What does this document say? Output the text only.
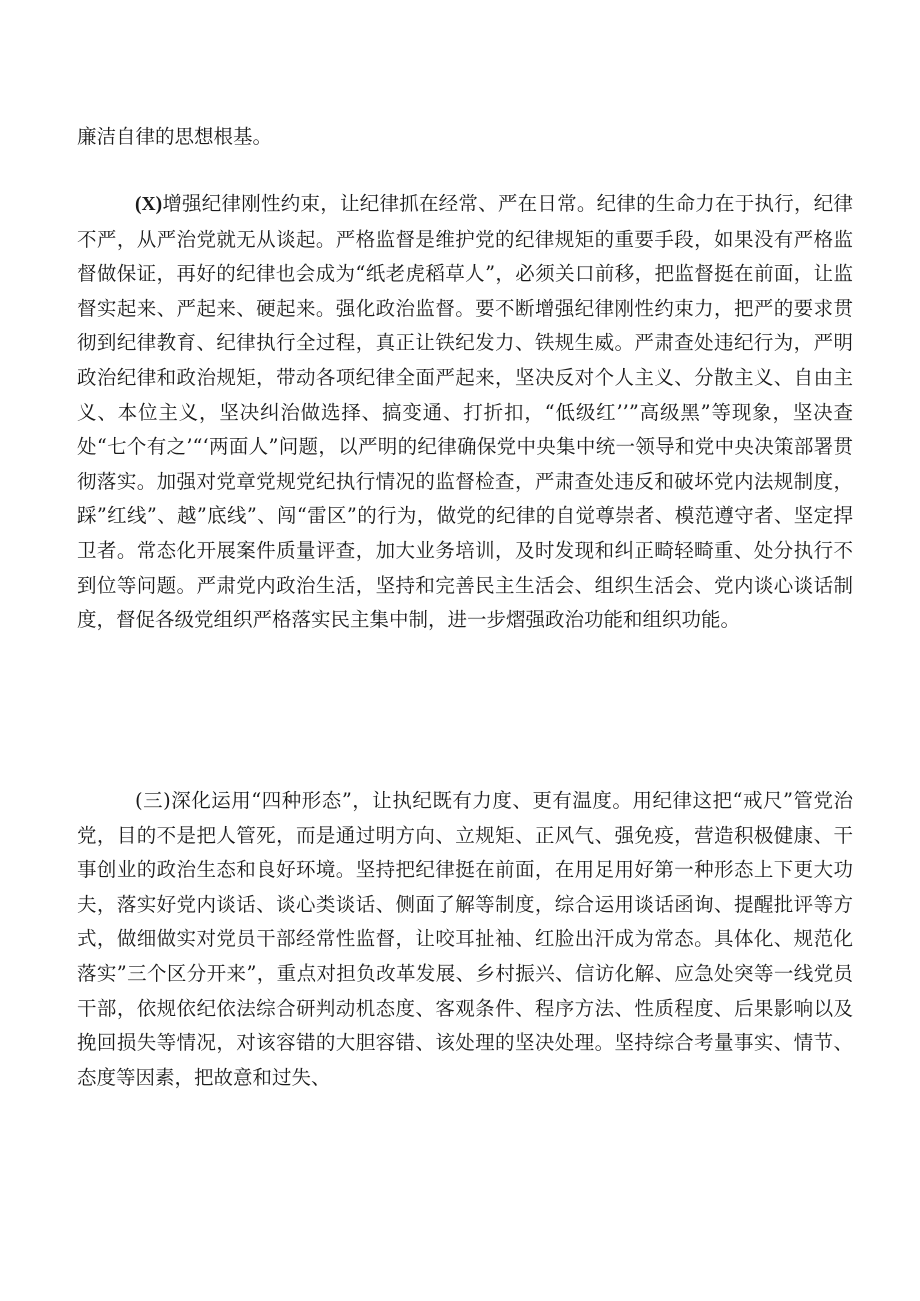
廉洁自律的思想根基。

(X)增强纪律刚性约束，让纪律抓在经常、严在日常。纪律的生命力在于执行，纪律不严，从严治党就无从谈起。严格监督是维护党的纪律规矩的重要手段，如果没有严格监督做保证，再好的纪律也会成为“纸老虎稻草人”，必须关口前移，把监督挺在前面，让监督实起来、严起来、硬起来。强化政治监督。要不断增强纪律刚性约束力，把严的要求贯彻到纪律教育、纪律执行全过程，真正让铁纪发力、铁规生威。严肃查处违纪行为，严明政治纪律和政治规矩，带动各项纪律全面严起来，坚决反对个人主义、分散主义、自由主义、本位主义，坚决纠治做选择、搞变通、打折扣，“低级红’’”高级黑”等现象，坚决查处“七个有之’“‘两面人”问题，以严明的纪律确保党中央集中统一领导和党中央决策部署贯彻落实。加强对党章党规党纪执行情况的监督检查，严肃查处违反和破坏党内法规制度，踩”红线”、越”底线”、闯“雷区”的行为，做党的纪律的自觉尊崇者、模范遵守者、坚定捍卫者。常态化开展案件质量评查，加大业务培训，及时发现和纠正畸轻畸重、处分执行不到位等问题。严肃党内政治生活，坚持和完善民主生活会、组织生活会、党内谈心谈话制度，督促各级党组织严格落实民主集中制，进一步熠强政治功能和组织功能。

(三)深化运用“四种形态”，让执纪既有力度、更有温度。用纪律这把“戒尺”管党治党，目的不是把人管死，而是通过明方向、立规矩、正风气、强免疫，营造积极健康、干事创业的政治生态和良好环境。坚持把纪律挺在前面，在用足用好第一种形态上下更大功夫，落实好党内谈话、谈心类谈话、侧面了解等制度，综合运用谈话函询、提醒批评等方式，做细做实对党员干部经常性监督，让咬耳扯袖、红脸出汗成为常态。具体化、规范化落实”三个区分开来”，重点对担负改革发展、乡村振兴、信访化解、应急处突等一线党员干部，依规依纪依法综合研判动机态度、客观条件、程序方法、性质程度、后果影响以及挽回损失等情况，对该容错的大胆容错、该处理的坚决处理。坚持综合考量事实、情节、态度等因素，把故意和过失、
